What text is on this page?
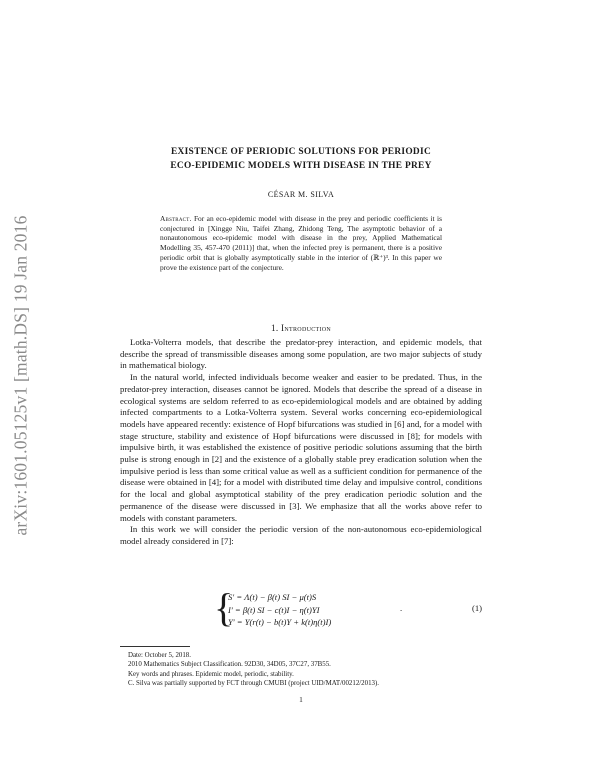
arXiv:1601.05125v1 [math.DS] 19 Jan 2016
EXISTENCE OF PERIODIC SOLUTIONS FOR PERIODIC
ECO-EPIDEMIC MODELS WITH DISEASE IN THE PREY
CÉSAR M. SILVA
Abstract. For an eco-epidemic model with disease in the prey and periodic coefficients it is conjectured in [Xinggе Niu, Taifei Zhang, Zhidong Teng, The asymptotic behavior of a nonautonomous eco-epidemic model with disease in the prey, Applied Mathematical Modelling 35, 457-470 (2011)] that, when the infected prey is permanent, there is a positive periodic orbit that is globally asymptotically stable in the interior of (ℝ⁺)³. In this paper we prove the existence part of the conjecture.
1. Introduction

Lotka-Volterra models, that describe the predator-prey interaction, and epidemic models, that describe the spread of transmissible diseases among some population, are two major subjects of study in mathematical biology.

In the natural world, infected individuals become weaker and easier to be predated. Thus, in the predator-prey interaction, diseases cannot be ignored. Models that describe the spread of a disease in ecological systems are seldom referred to as eco-epidemiological models and are obtained by adding infected compartments to a Lotka-Volterra system. Several works concerning eco-epidemiological models have appeared recently: existence of Hopf bifurcations was studied in [6] and, for a model with stage structure, stability and existence of Hopf bifurcations were discussed in [8]; for models with impulsive birth, it was established the existence of positive periodic solutions assuming that the birth pulse is strong enough in [2] and the existence of a globally stable prey eradication solution when the impulsive period is less than some critical value as well as a sufficient condition for permanence of the disease were obtained in [4]; for a model with distributed time delay and impulsive control, conditions for the local and global asymptotical stability of the prey eradication periodic solution and the permanence of the disease were discussed in [3]. We emphasize that all the works above refer to models with constant parameters.

In this work we will consider the periodic version of the non-autonomous eco-epidemiological model already considered in [7]:

{
S′ = Λ(t) − β(t) SI − μ(t)S
I′ = β(t) SI − c(t)I − η(t)YI
Y′ = Y(r(t) − b(t)Y + k(t)η(t)I)
.	(1)
Date: October 5, 2018.
2010 Mathematics Subject Classification. 92D30, 34D05, 37C27, 37B55.
Key words and phrases. Epidemic model, periodic, stability.
C. Silva was partially supported by FCT through CMUBI (project UID/MAT/00212/2013).
1
